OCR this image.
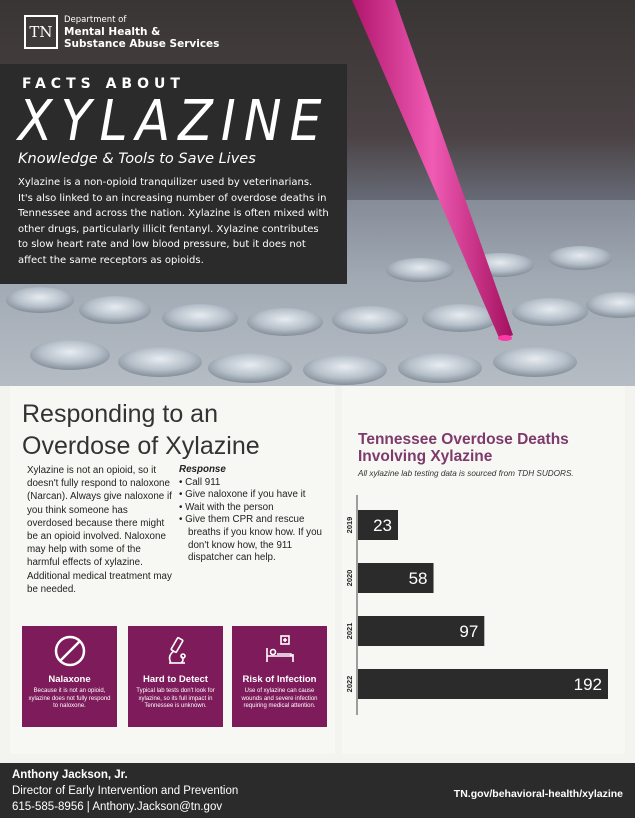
TN
Department of
Mental Health &
Substance Abuse Services
FACTS ABOUT
XYLAZINE
Knowledge & Tools to Save Lives
Xylazine is a non-opioid tranquilizer used by veterinarians. It's also linked to an increasing number of overdose deaths in Tennessee and across the nation. Xylazine is often mixed with other drugs, particularly illicit fentanyl. Xylazine contributes to slow heart rate and low blood pressure, but it does not affect the same receptors as opioids.
Responding to an
Overdose of Xylazine
Xylazine is not an opioid, so it doesn't fully respond to naloxone (Narcan). Always give naloxone if you think someone has overdosed because there might be an opioid involved. Naloxone may help with some of the harmful effects of xylazine. Additional medical treatment may be needed.
Response
• Call 911
• Give naloxone if you have it
• Wait with the person
• Give them CPR and rescue breaths if you know how. If you don't know how, the 911 dispatcher can help.
Nalaxone
Because it is not an opioid, xylazine does not fully respond to naloxone.
Hard to Detect
Typical lab tests don't look for xylazine, so its full impact in Tennessee is unknown.
Risk of Infection
Use of xylazine can cause wounds and severe infection requiring medical attention.
Tennessee Overdose Deaths Involving Xylazine
All xylazine lab testing data is sourced from TDH SUDORS.
23
2019
58
2020
97
2021
192
2022
Anthony Jackson, Jr.
Director of Early Intervention and Prevention
615-585-8956 | Anthony.Jackson@tn.gov
TN.gov/behavioral-health/xylazine
